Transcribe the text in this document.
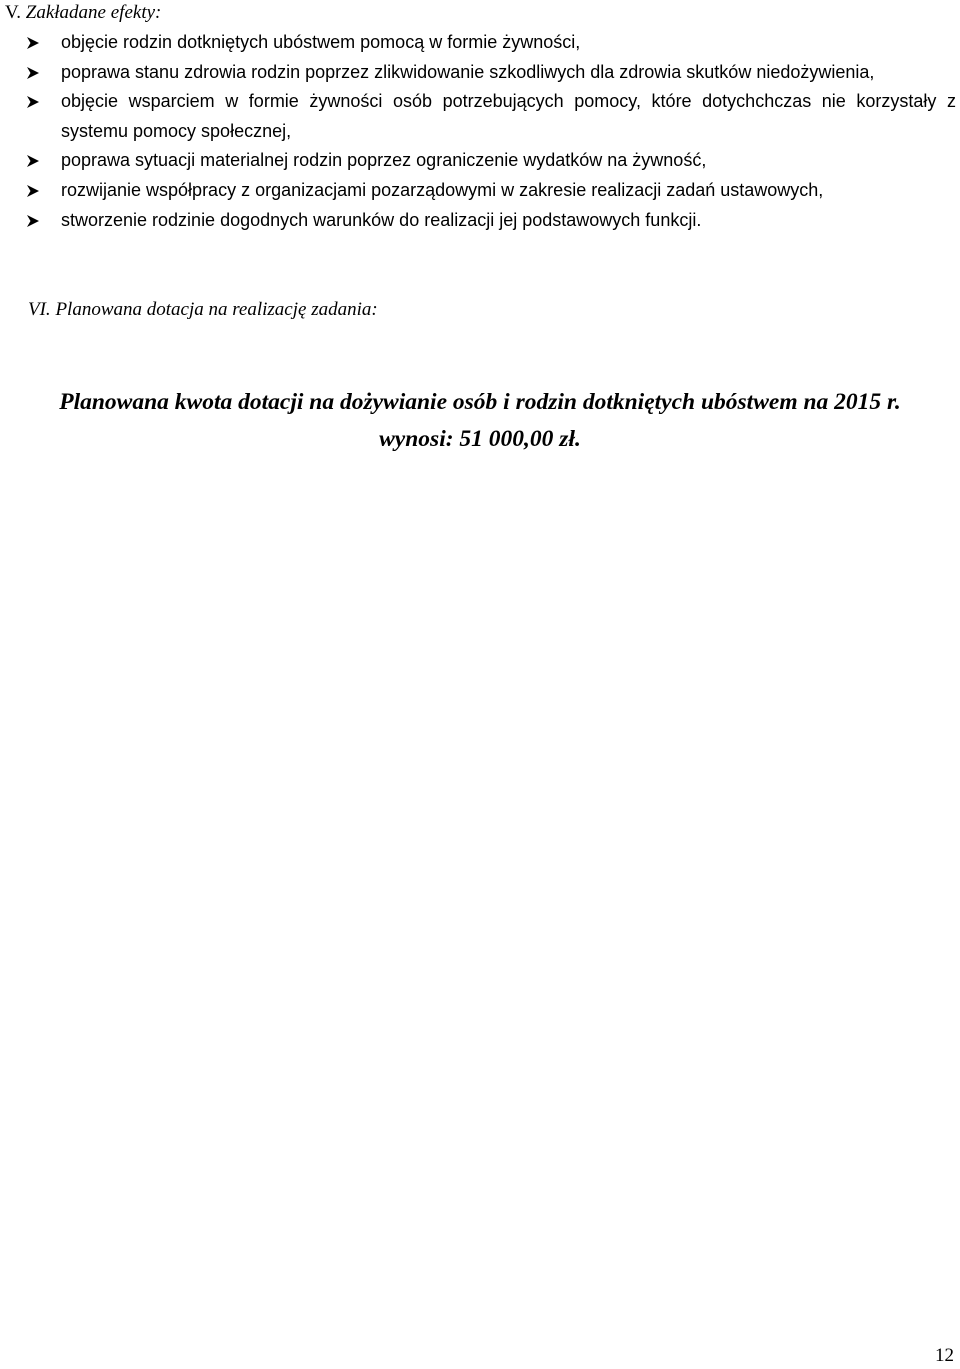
V. Zakładane efekty:
objęcie rodzin dotkniętych ubóstwem pomocą w formie żywności,
poprawa stanu zdrowia rodzin poprzez zlikwidowanie szkodliwych dla zdrowia skutków niedożywienia,
objęcie wsparciem w formie żywności osób potrzebujących pomocy, które dotychchczas nie korzystały z systemu pomocy społecznej,
poprawa sytuacji materialnej rodzin poprzez ograniczenie wydatków na żywność,
rozwijanie współpracy z organizacjami pozarządowymi w zakresie realizacji zadań ustawowych,
stworzenie rodzinie dogodnych warunków do realizacji jej podstawowych funkcji.
VI. Planowana dotacja na realizację zadania:

Planowana kwota dotacji na dożywianie osób i rodzin dotkniętych ubóstwem na 2015 r.

wynosi: 51 000,00 zł.

12
